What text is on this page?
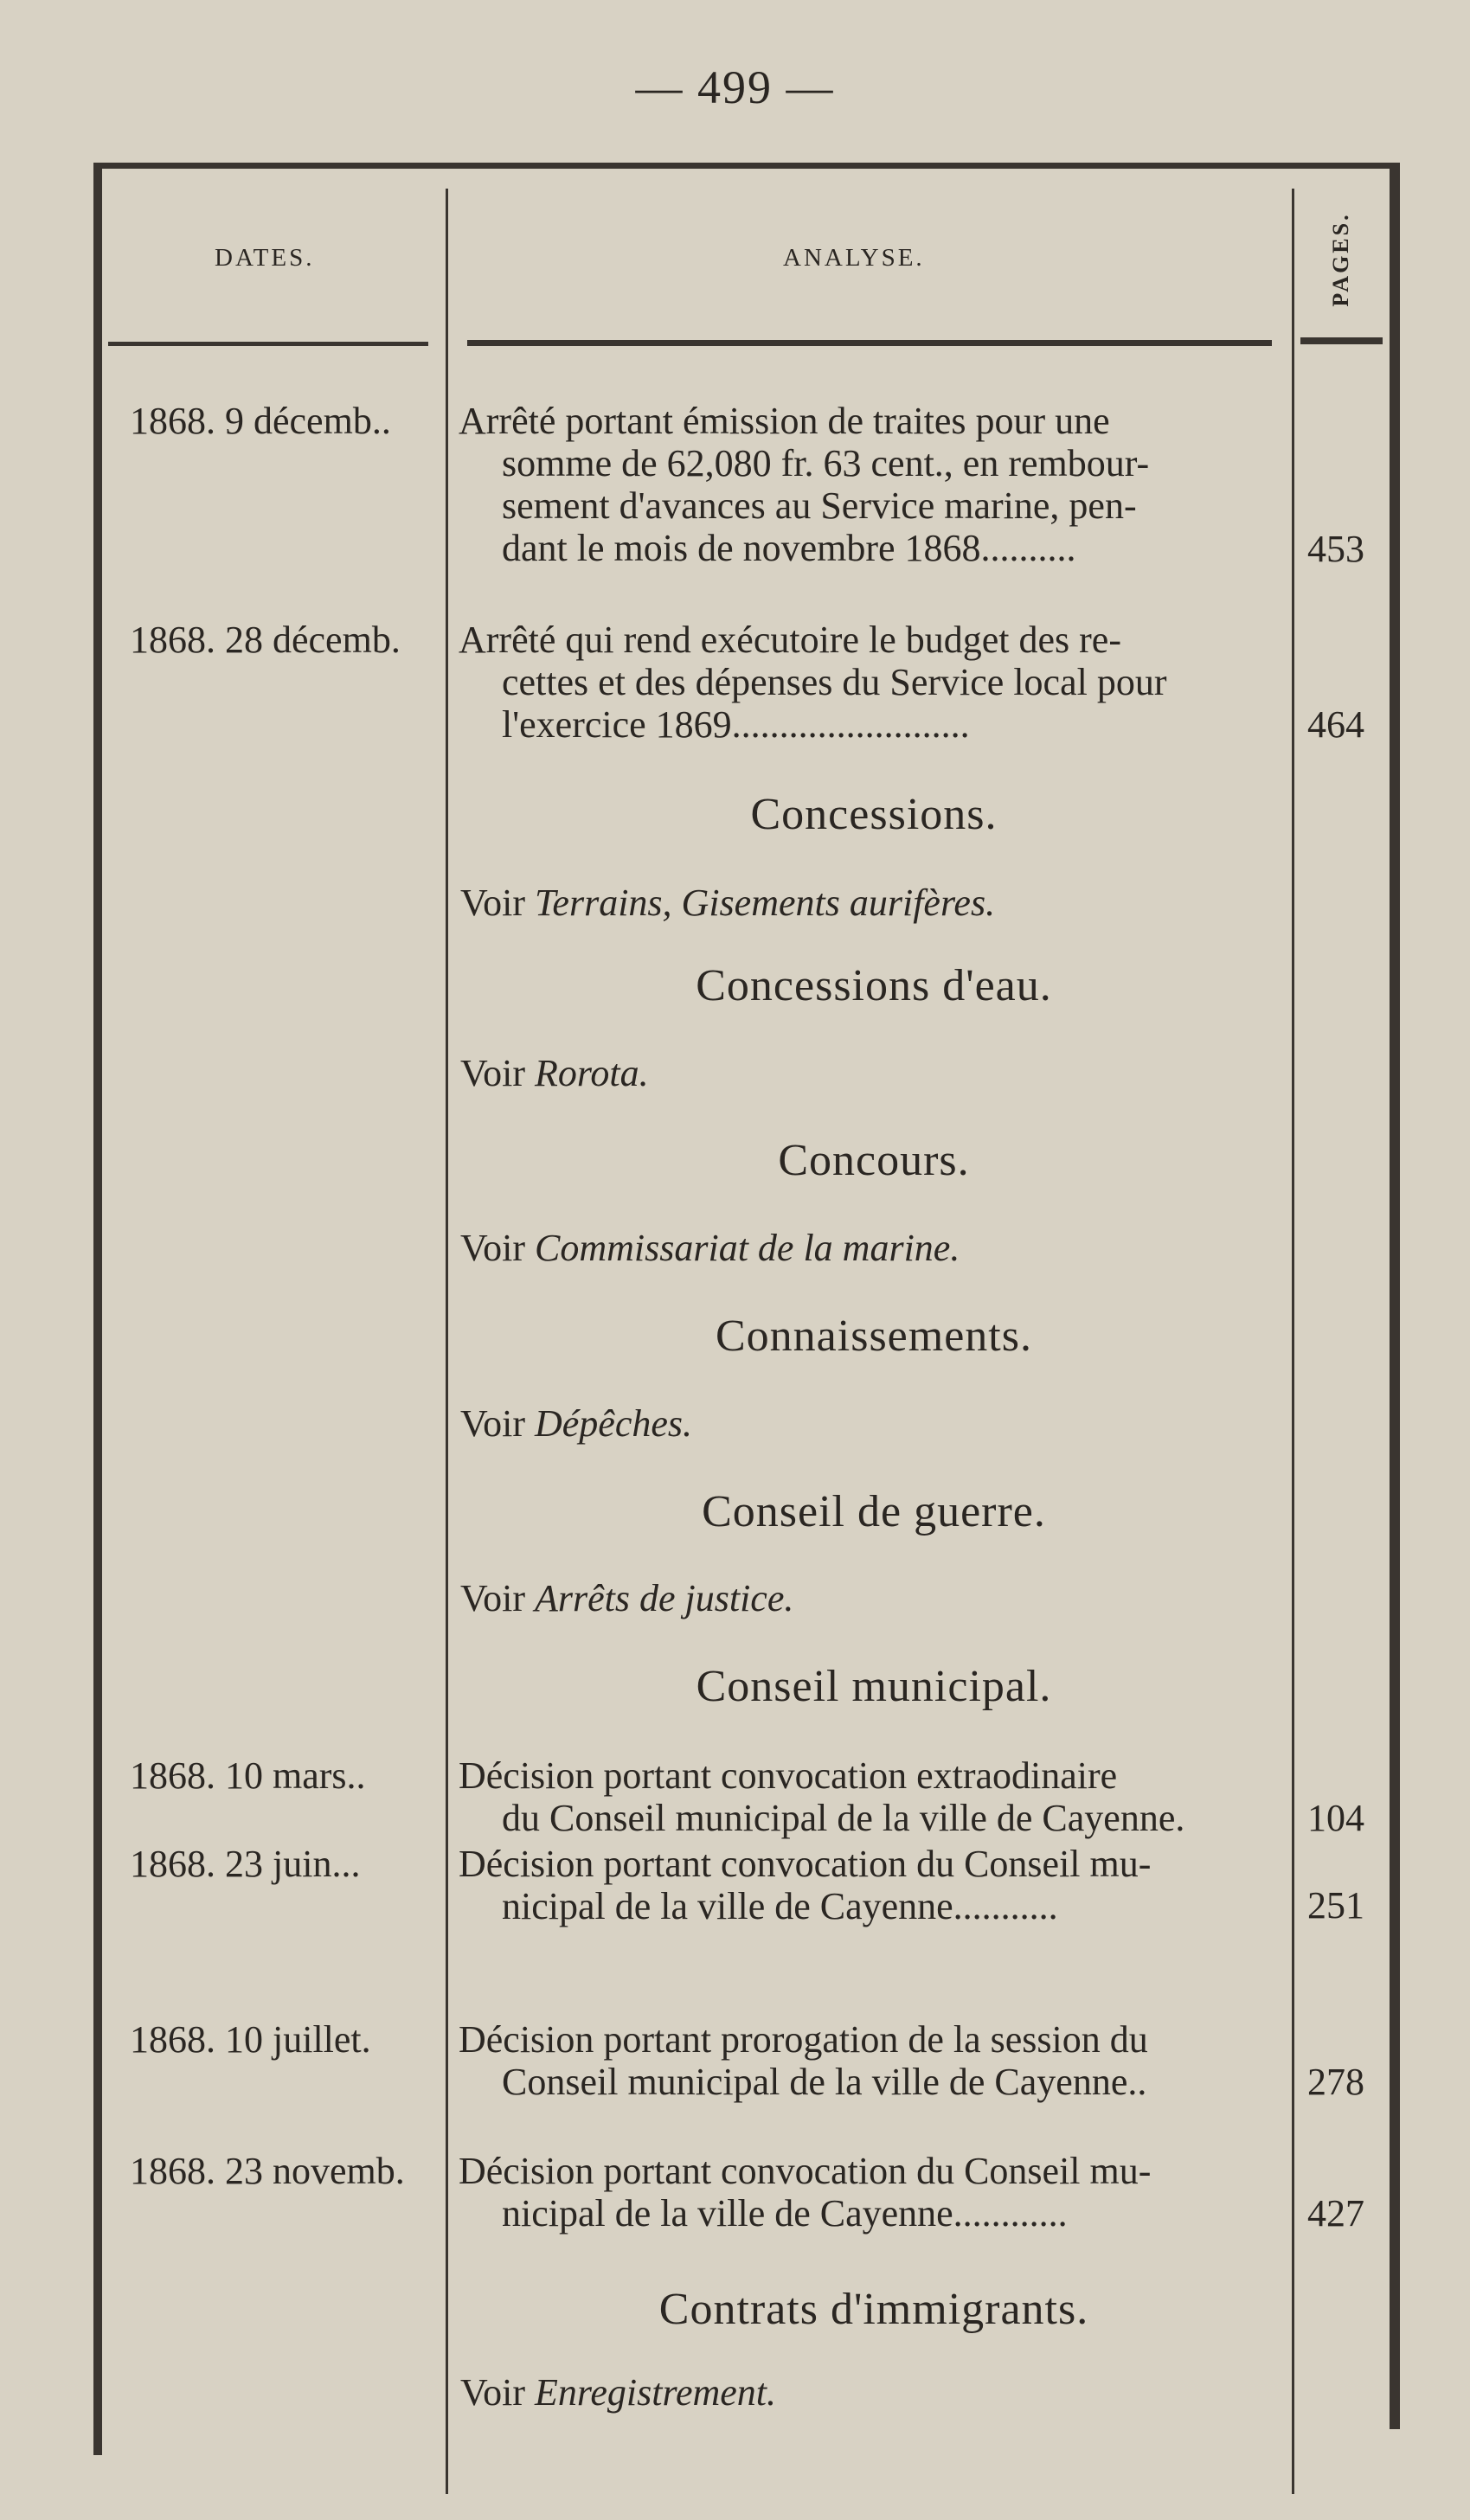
— 499 —
DATES.	ANALYSE.	PAGES.
1868. 9 décemb.. Arrêté portant émission de traites pour une
somme de 62,080 fr. 63 cent., en rembour-
sement d'avances au Service marine, pen-
dant le mois de novembre 1868..........	453
1868. 28 décemb. Arrêté qui rend exécutoire le budget des re-
cettes et des dépenses du Service local pour
l'exercice 1869.........................	464
Concessions.
Voir Terrains, Gisements aurifères.
Concessions d'eau.
Voir Rorota.
Concours.
Voir Commissariat de la marine.
Connaissements.
Voir Dépêches.
Conseil de guerre.
Voir Arrêts de justice.
Conseil municipal.
1868. 10 mars.. Décision portant convocation extraodinaire
du Conseil municipal de la ville de Cayenne.	104
1868. 23 juin...	Décision portant convocation du Conseil mu-
nicipal de la ville de Cayenne...........	251
1868. 10 juillet. Décision portant prorogation de la session du
Conseil municipal de la ville de Cayenne..	278
1868. 23 novemb. Décision portant convocation du Conseil mu-
nicipal de la ville de Cayenne............	427
Contrats d'immigrants.
Voir Enregistrement.
